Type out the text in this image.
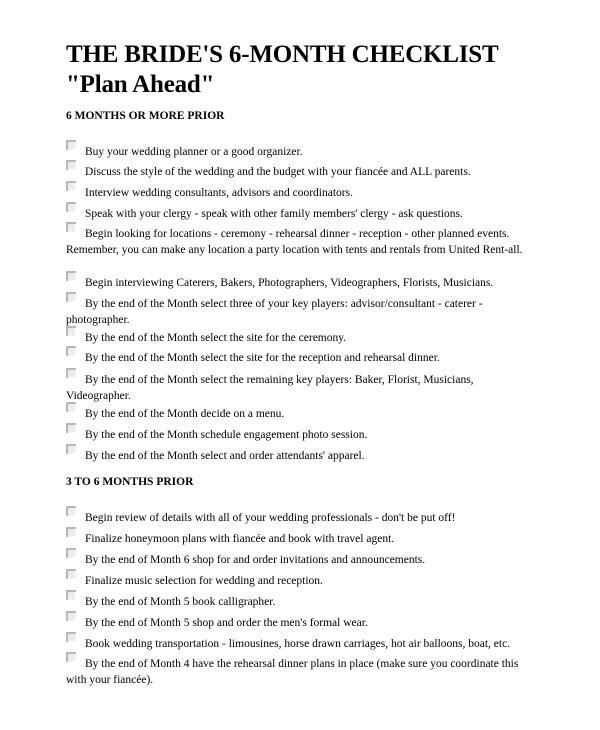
THE BRIDE'S 6-MONTH CHECKLIST
"Plan Ahead"
6 MONTHS OR MORE PRIOR
Buy your wedding planner or a good organizer.
Discuss the style of the wedding and the budget with your fiancée and ALL parents.
Interview wedding consultants, advisors and coordinators.
Speak with your clergy - speak with other family members' clergy - ask questions.
Begin looking for locations - ceremony - rehearsal dinner - reception - other planned events. Remember, you can make any location a party location with tents and rentals from United Rent-all.
Begin interviewing Caterers, Bakers, Photographers, Videographers, Florists, Musicians.
By the end of the Month select three of your key players: advisor/consultant - caterer - photographer.
By the end of the Month select the site for the ceremony.
By the end of the Month select the site for the reception and rehearsal dinner.
By the end of the Month select the remaining key players: Baker, Florist, Musicians, Videographer.
By the end of the Month decide on a menu.
By the end of the Month schedule engagement photo session.
By the end of the Month select and order attendants' apparel.
3 TO 6 MONTHS PRIOR
Begin review of details with all of your wedding professionals - don't be put off!
Finalize honeymoon plans with fiancée and book with travel agent.
By the end of Month 6 shop for and order invitations and announcements.
Finalize music selection for wedding and reception.
By the end of Month 5 book calligrapher.
By the end of Month 5 shop and order the men's formal wear.
Book wedding transportation - limousines, horse drawn carriages, hot air balloons, boat, etc.
By the end of Month 4 have the rehearsal dinner plans in place (make sure you coordinate this with your fiancée).
